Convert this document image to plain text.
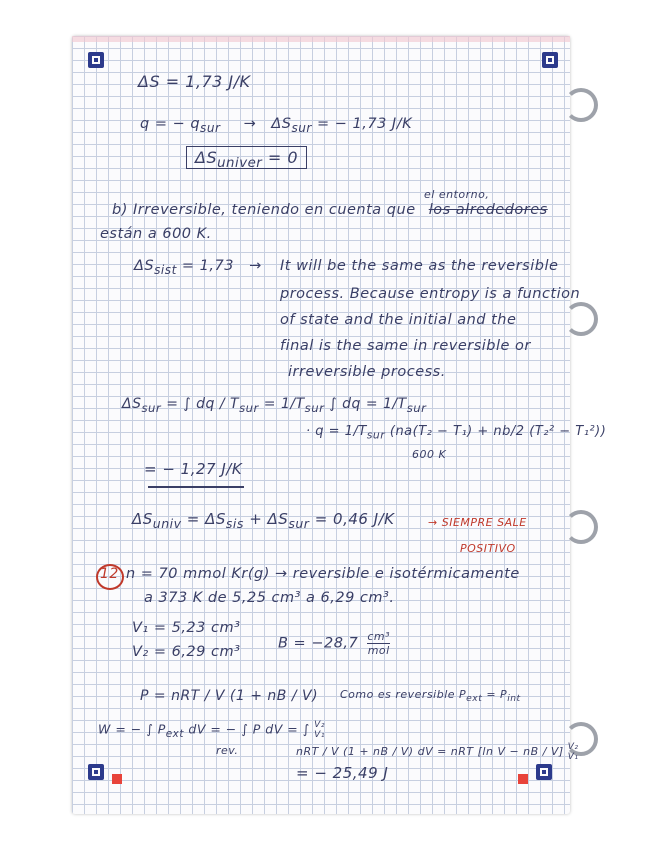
ΔS = 1,73 J/K
q = − $q_{sur} \to \Delta S_{sur}$ = − 1,73 J/K
$\Delta S_{univer} = 0$
el entorno,
b) Irreversible, teniendo en cuenta que los alrededores
están a 600 K.
$\Delta S_{sist} = 1,73 \to It$ will be the same as the reversible
process. Because entropy is a function
of state and the initial and the
final is the same in reversible or
irreversible process.
$\Delta S_{sur}$ = ∫ dq / $T_{sur} = 1/T_{sur}$ ∫ dq = $1/T_{sur}$
· $q = 1/T_{sur}$ (na(T₂ − T₁) + nb/2 (T₂² − T₁²))
600 K
= − 1,27 J/K
$\Delta S_{univ} = \Delta S_{sis} + \Delta S_{sur} = 0,46$ J/K	→ SIEMPRE SALE
POSITIVO
12 n = 70 mmol Kr(g) → reversible e isotérmicamente
a 373 K de 5,25 cm³ a 6,29 cm³.
V₁ = 5,23 cm³
B = −28,7 cm³
mol
V₂ = 6,29 cm³
P = nRT / V (1 + nB / V) Como es reversible $P_{ext} = P_{int}$
W = − ∫ $P_{ext}$ dV = − ∫ P dV = ∫ V₂
V₁
nRT / V (1 + nB / V) dV = nRT [ln V − nB / V] V₂
V₁
rev.
= − 25,49 J
